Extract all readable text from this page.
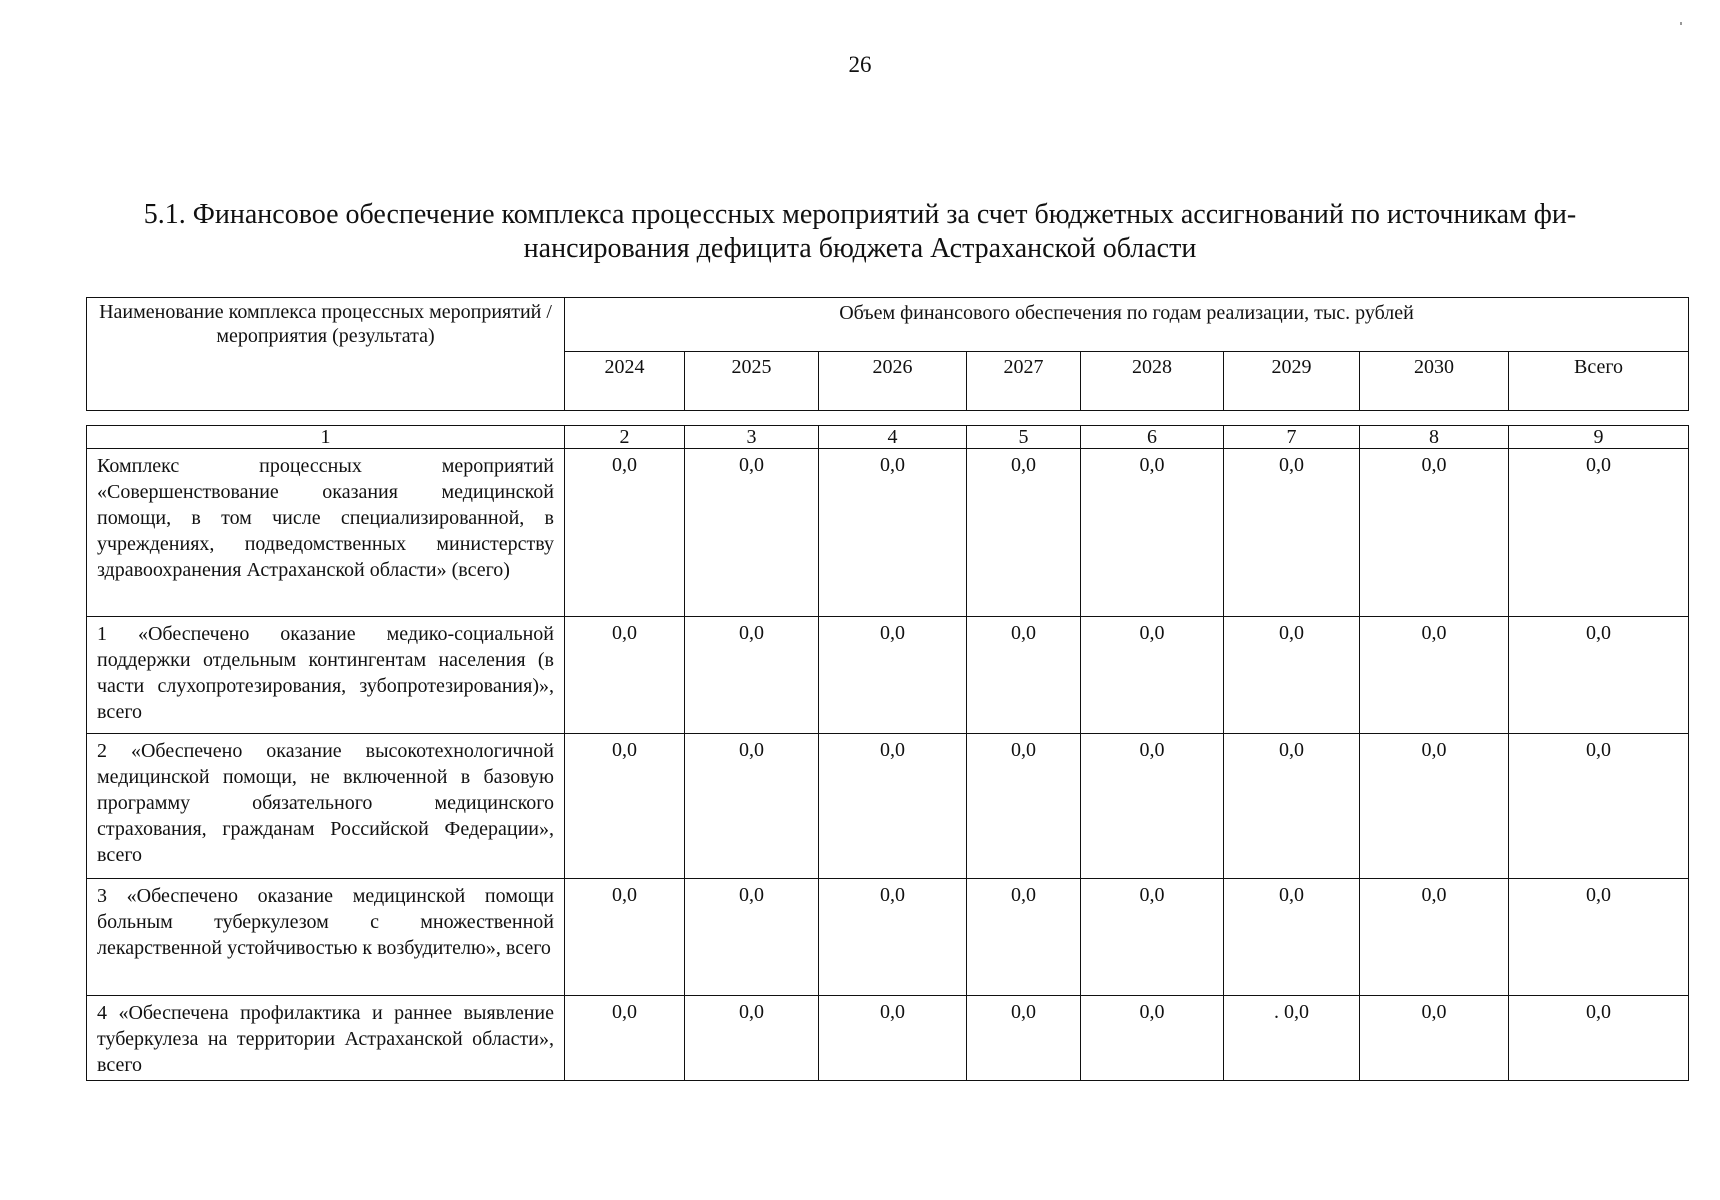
26
5.1. Финансовое обеспечение комплекса процессных мероприятий за счет бюджетных ассигнований по источникам фи-
нансирования дефицита бюджета Астраханской области
Наименование комплекса процессных мероприятий / мероприятия (результата)	Объем финансового обеспечения по годам реализации, тыс. рублей							
	2024	2025	2026	2027	2028	2029	2030	Всего
1	2	3	4	5	6	7	8	9
Комплекс процессных мероприятий «Совершенствование оказания медицинской помощи, в том числе специализированной, в учреждениях, подведомственных министерству здравоохранения Астраханской области» (всего)	0,0	0,0	0,0	0,0	0,0	0,0	0,0	0,0
1 «Обеспечено оказание медико-социальной поддержки отдельным контингентам населения (в части слухопротезирования, зубопротезирования)», всего	0,0	0,0	0,0	0,0	0,0	0,0	0,0	0,0
2 «Обеспечено оказание высокотехнологичной медицинской помощи, не включенной в базовую программу обязательного медицинского страхования, гражданам Российской Федерации», всего	0,0	0,0	0,0	0,0	0,0	0,0	0,0	0,0
3 «Обеспечено оказание медицинской помощи больным туберкулезом с множественной лекарственной устойчивостью к возбудителю», всего	0,0	0,0	0,0	0,0	0,0	0,0	0,0	0,0
4 «Обеспечена профилактика и раннее выявление туберкулеза на территории Астраханской области», всего	0,0	0,0	0,0	0,0	0,0	. 0,0	0,0	0,0
